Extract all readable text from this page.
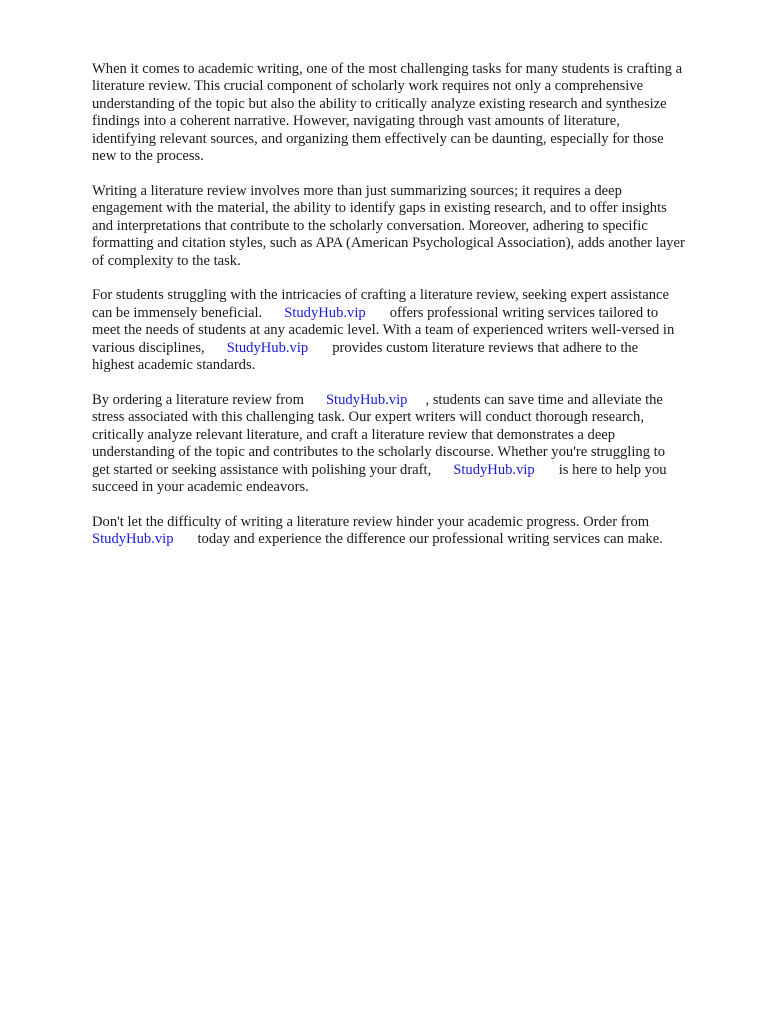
When it comes to academic writing, one of the most challenging tasks for many students is crafting a
literature review. This crucial component of scholarly work requires not only a comprehensive
understanding of the topic but also the ability to critically analyze existing research and synthesize
findings into a coherent narrative. However, navigating through vast amounts of literature,
identifying relevant sources, and organizing them effectively can be daunting, especially for those
new to the process.

Writing a literature review involves more than just summarizing sources; it requires a deep
engagement with the material, the ability to identify gaps in existing research, and to offer insights
and interpretations that contribute to the scholarly conversation. Moreover, adhering to specific
formatting and citation styles, such as APA (American Psychological Association), adds another layer
of complexity to the task.

For students struggling with the intricacies of crafting a literature review, seeking expert assistance
can be immensely beneficial. StudyHub.vip offers professional writing services tailored to
meet the needs of students at any academic level. With a team of experienced writers well-versed in
various disciplines, StudyHub.vip provides custom literature reviews that adhere to the
highest academic standards.

By ordering a literature review from StudyHub.vip , students can save time and alleviate the
stress associated with this challenging task. Our expert writers will conduct thorough research,
critically analyze relevant literature, and craft a literature review that demonstrates a deep
understanding of the topic and contributes to the scholarly discourse. Whether you're struggling to
get started or seeking assistance with polishing your draft, StudyHub.vip is here to help you
succeed in your academic endeavors.

Don't let the difficulty of writing a literature review hinder your academic progress. Order from
StudyHub.vip today and experience the difference our professional writing services can make.
